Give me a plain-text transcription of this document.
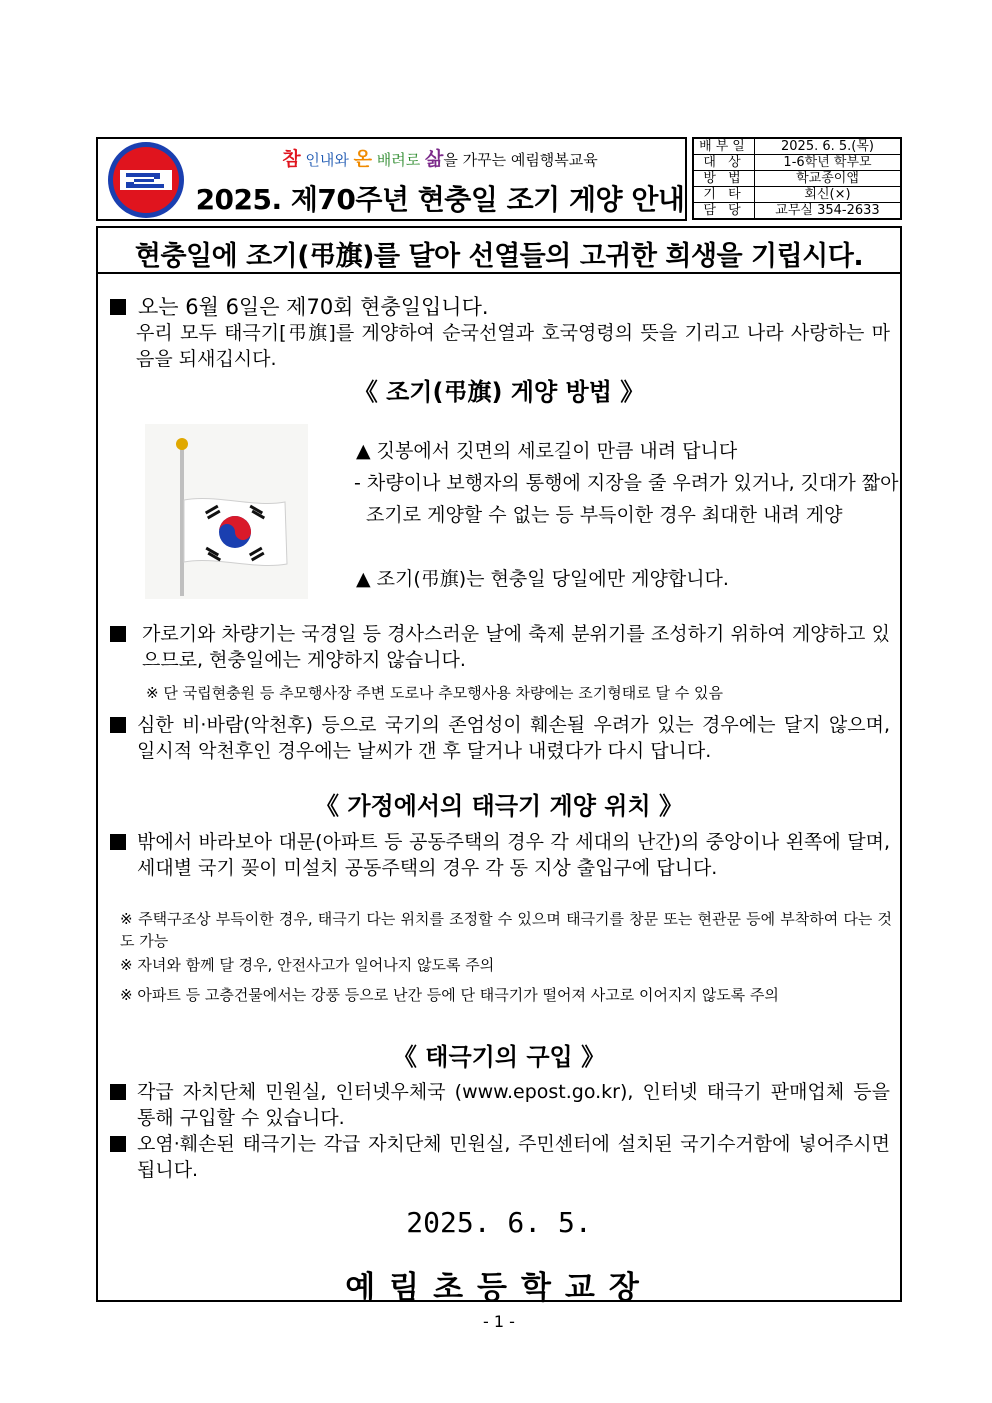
참 인내와 온 배려로 삶을 가꾸는 예림행복교육
2025. 제70주년 현충일 조기 게양 안내
배부일	2025. 6. 5.(목)
대 상	1-6학년 학부모
방 법	학교종이앱
기 타	회신(×)
담 당	교무실 354-2633
현충일에 조기(弔旗)를 달아 선열들의 고귀한 희생을 기립시다.
오는 6월 6일은 제70회 현충일입니다.
우리 모두 태극기[弔旗]를 게양하여 순국선열과 호국영령의 뜻을 기리고 나라 사랑하는 마음을 되새깁시다.
《 조기(弔旗) 게양 방법 》
▲ 깃봉에서 깃면의 세로길이 만큼 내려 답니다
- 차량이나 보행자의 통행에 지장을 줄 우려가 있거나, 깃대가 짧아
조기로 게양할 수 없는 등 부득이한 경우 최대한 내려 게양
▲ 조기(弔旗)는 현충일 당일에만 게양합니다.
가로기와 차량기는 국경일 등 경사스러운 날에 축제 분위기를 조성하기 위하여 게양하고 있으므로, 현충일에는 게양하지 않습니다.
※ 단 국립현충원 등 추모행사장 주변 도로나 추모행사용 차량에는 조기형태로 달 수 있음
심한 비·바람(악천후) 등으로 국기의 존엄성이 훼손될 우려가 있는 경우에는 달지 않으며, 일시적 악천후인 경우에는 날씨가 갠 후 달거나 내렸다가 다시 답니다.
《 가정에서의 태극기 게양 위치 》
밖에서 바라보아 대문(아파트 등 공동주택의 경우 각 세대의 난간)의 중앙이나 왼쪽에 달며, 세대별 국기 꽂이 미설치 공동주택의 경우 각 동 지상 출입구에 답니다.
※ 주택구조상 부득이한 경우, 태극기 다는 위치를 조정할 수 있으며 태극기를 창문 또는 현관문 등에 부착하여 다는 것도 가능
※ 자녀와 함께 달 경우, 안전사고가 일어나지 않도록 주의
※ 아파트 등 고층건물에서는 강풍 등으로 난간 등에 단 태극기가 떨어져 사고로 이어지지 않도록 주의
《 태극기의 구입 》
각급 자치단체 민원실, 인터넷우체국 (www.epost.go.kr), 인터넷 태극기 판매업체 등을 통해 구입할 수 있습니다.
오염·훼손된 태극기는 각급 자치단체 민원실, 주민센터에 설치된 국기수거함에 넣어주시면 됩니다.
2025. 6. 5.
예림초등학교장
- 1 -
